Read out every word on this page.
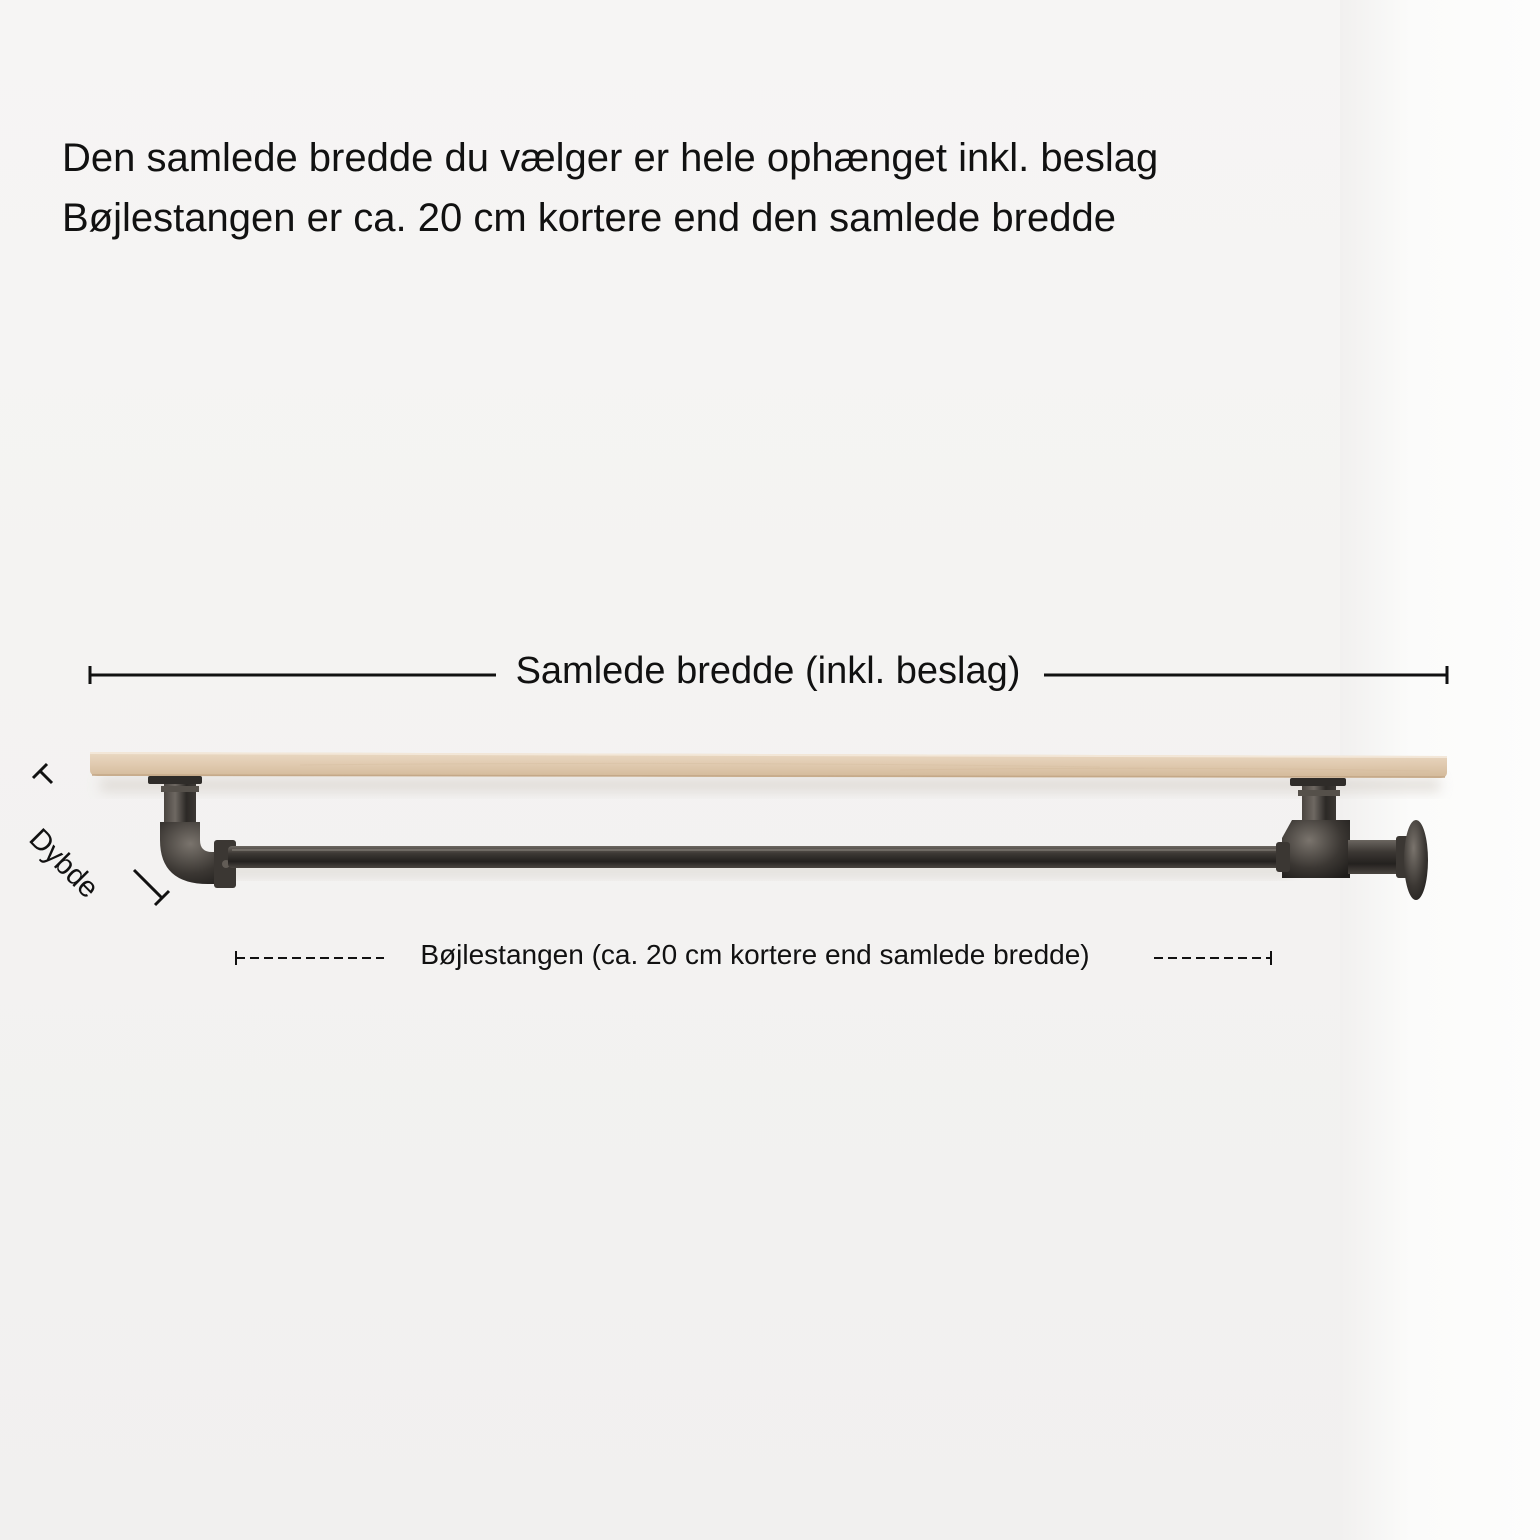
Den samlede bredde du vælger er hele ophænget inkl. beslag
Bøjlestangen er ca. 20 cm kortere end den samlede bredde
Samlede bredde (inkl. beslag)
Dybde
Bøjlestangen (ca. 20 cm kortere end samlede bredde)
